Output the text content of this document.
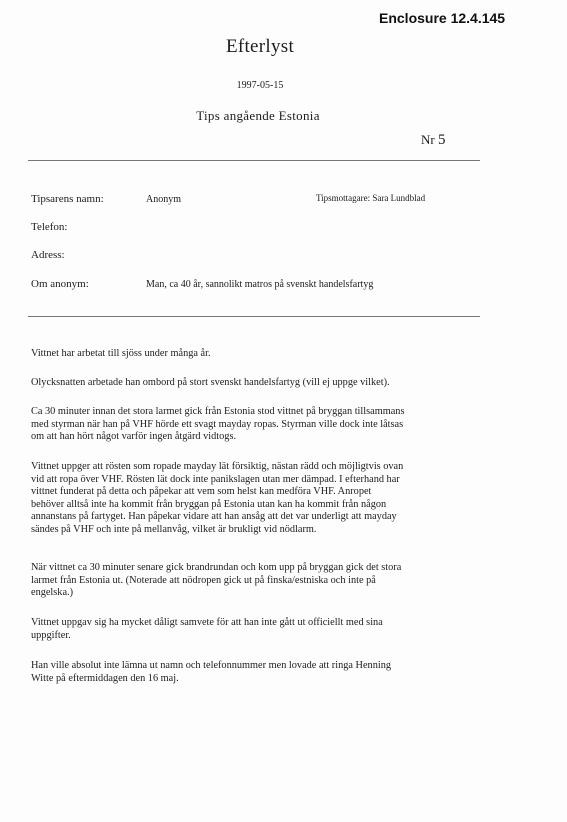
Enclosure 12.4.145
Efterlyst
1997-05-15
Tips angående Estonia
Nr 5
Tipsarens namn:	Anonym	Tipsmottagare: Sara Lundblad
Telefon:
Adress:
Om anonym:	Man, ca 40 år, sannolikt matros på svenskt handelsfartyg
Vittnet har arbetat till sjöss under många år.
Olycksnatten arbetade han ombord på stort svenskt handelsfartyg (vill ej uppge vilket).
Ca 30 minuter innan det stora larmet gick från Estonia stod vittnet på bryggan tillsammans
med styrman när han på VHF hörde ett svagt mayday ropas. Styrman ville dock inte låtsas
om att han hört något varför ingen åtgärd vidtogs.
Vittnet uppger att rösten som ropade mayday lät försiktig, nästan rädd och möjligtvis ovan
vid att ropa över VHF. Rösten lät dock inte panikslagen utan mer dämpad. I efterhand har
vittnet funderat på detta och påpekar att vem som helst kan medföra VHF. Anropet
behöver alltså inte ha kommit från bryggan på Estonia utan kan ha kommit från någon
annanstans på fartyget. Han påpekar vidare att han ansåg att det var underligt att mayday
sändes på VHF och inte på mellanvåg, vilket är brukligt vid nödlarm.
När vittnet ca 30 minuter senare gick brandrundan och kom upp på bryggan gick det stora
larmet från Estonia ut. (Noterade att nödropen gick ut på finska/estniska och inte på
engelska.)
Vittnet uppgav sig ha mycket dåligt samvete för att han inte gått ut officiellt med sina
uppgifter.
Han ville absolut inte lämna ut namn och telefonnummer men lovade att ringa Henning
Witte på eftermiddagen den 16 maj.
